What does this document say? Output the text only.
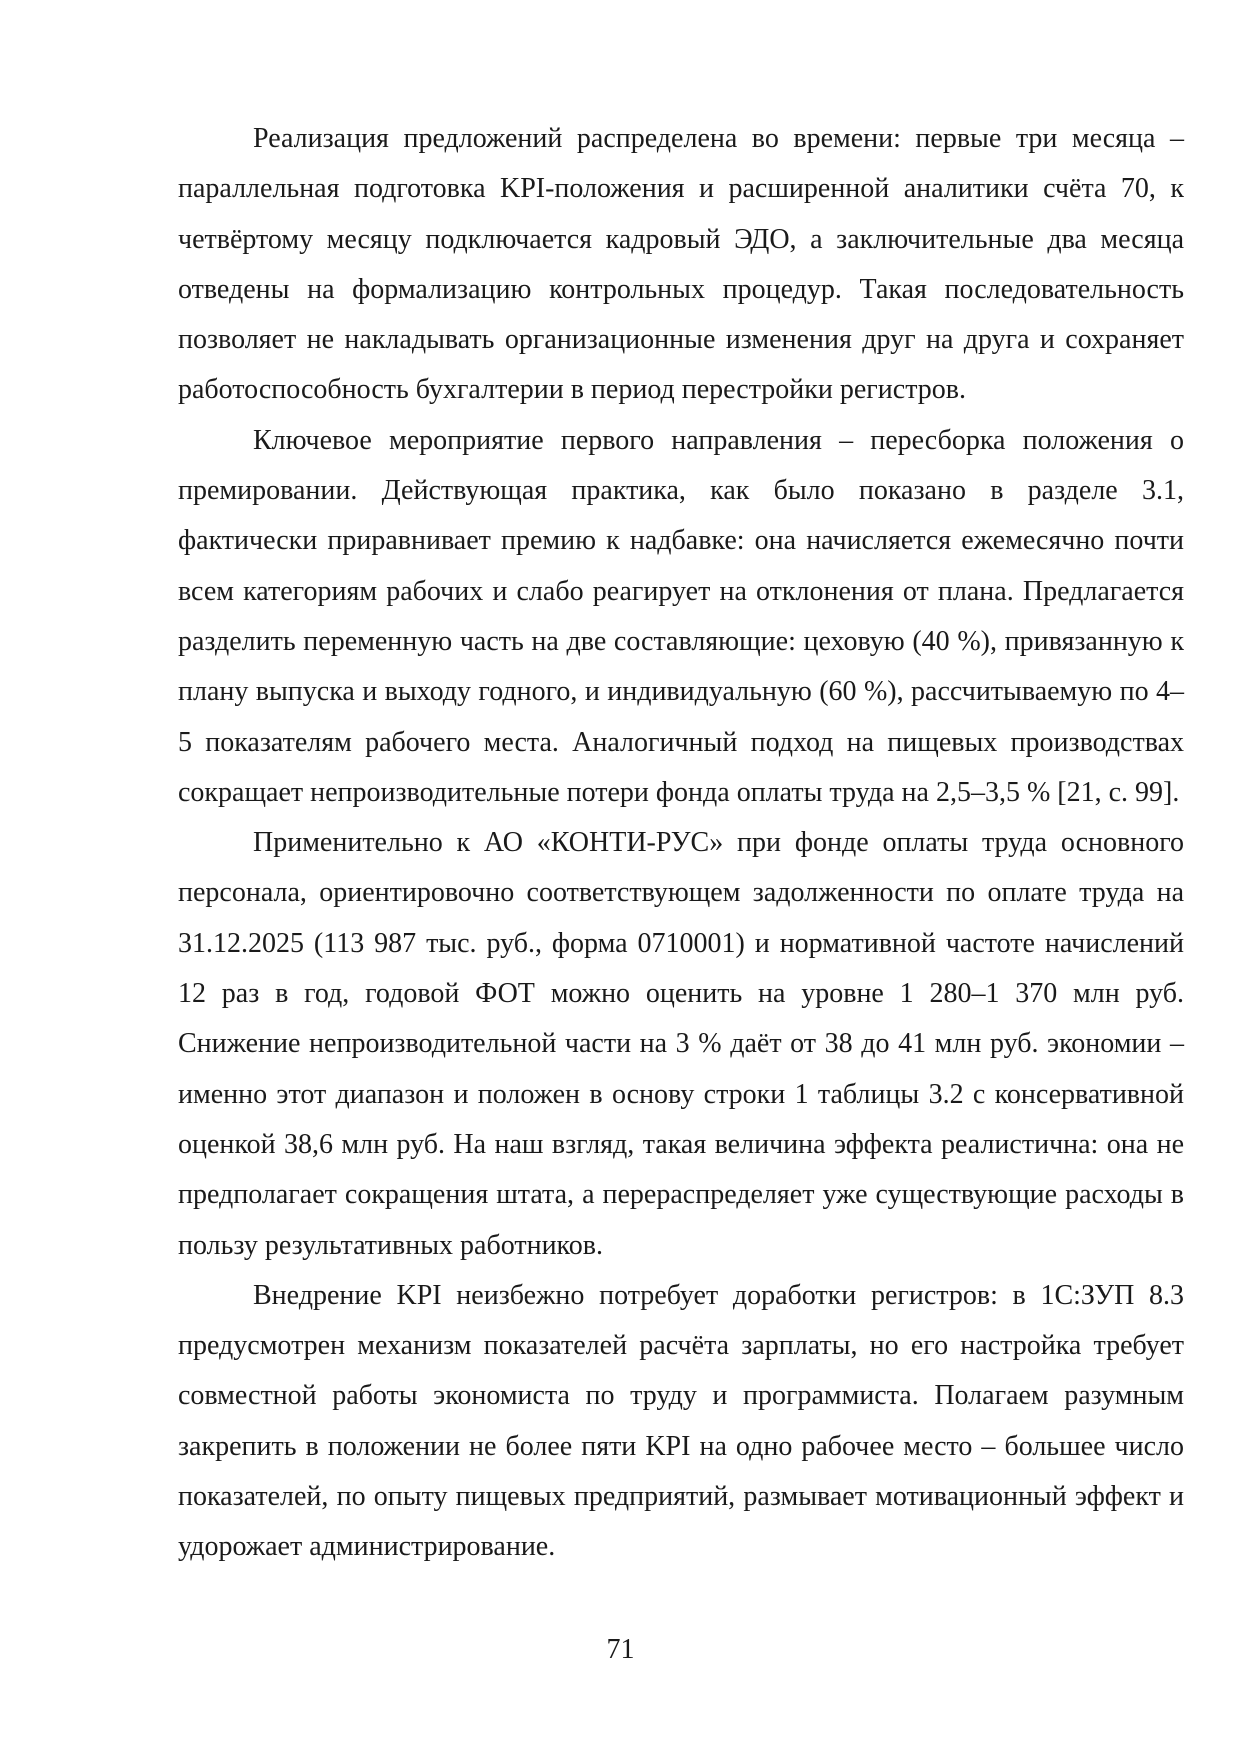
Реализация предложений распределена во времени: первые три месяца – параллельная подготовка KPI-положения и расширенной аналитики счёта 70, к четвёртому месяцу подключается кадровый ЭДО, а заключительные два месяца отведены на формализацию контрольных процедур. Такая последовательность позволяет не накладывать организационные изменения друг на друга и сохраняет работоспособность бухгалтерии в период перестройки регистров.

Ключевое мероприятие первого направления – пересборка положения о премировании. Действующая практика, как было показано в разделе 3.1, фактически приравнивает премию к надбавке: она начисляется ежемесячно почти всем категориям рабочих и слабо реагирует на отклонения от плана. Предлагается разделить переменную часть на две составляющие: цеховую (40 %), привязанную к плану выпуска и выходу годного, и индивидуальную (60 %), рассчитываемую по 4–5 показателям рабочего места. Аналогичный подход на пищевых производствах сокращает непроизводительные потери фонда оплаты труда на 2,5–3,5 % [21, с. 99].

Применительно к АО «КОНТИ-РУС» при фонде оплаты труда основного персонала, ориентировочно соответствующем задолженности по оплате труда на 31.12.2025 (113 987 тыс. руб., форма 0710001) и нормативной частоте начислений 12 раз в год, годовой ФОТ можно оценить на уровне 1 280–1 370 млн руб. Снижение непроизводительной части на 3 % даёт от 38 до 41 млн руб. экономии – именно этот диапазон и положен в основу строки 1 таблицы 3.2 с консервативной оценкой 38,6 млн руб. На наш взгляд, такая величина эффекта реалистична: она не предполагает сокращения штата, а перераспределяет уже существующие расходы в пользу результативных работников.

Внедрение KPI неизбежно потребует доработки регистров: в 1С:ЗУП 8.3 предусмотрен механизм показателей расчёта зарплаты, но его настройка требует совместной работы экономиста по труду и программиста. Полагаем разумным закрепить в положении не более пяти KPI на одно рабочее место – большее число показателей, по опыту пищевых предприятий, размывает мотивационный эффект и удорожает администрирование.

71
